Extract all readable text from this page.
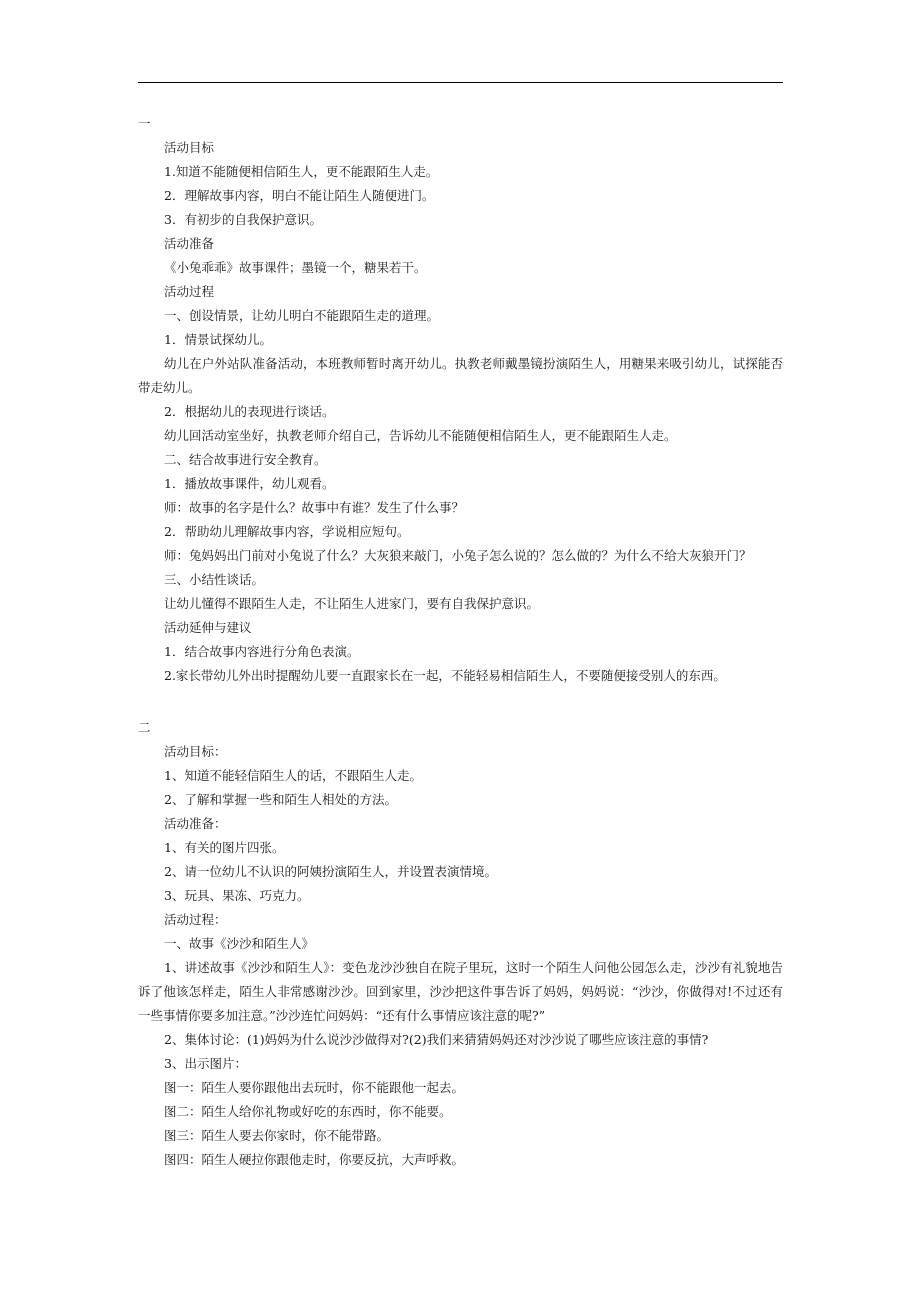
一
活动目标
1.知道不能随便相信陌生人，更不能跟陌生人走。
2．理解故事内容，明白不能让陌生人随便进门。
3．有初步的自我保护意识。
活动准备
《小兔乖乖》故事课件；墨镜一个，糖果若干。
活动过程
一、创设情景，让幼儿明白不能跟陌生走的道理。
1．情景试探幼儿。
幼儿在户外站队准备活动，本班教师暂时离开幼儿。执教老师戴墨镜扮演陌生人，用糖果来吸引幼儿，试探能否带走幼儿。
2．根据幼儿的表现进行谈话。
幼儿回活动室坐好，执教老师介绍自己，告诉幼儿不能随便相信陌生人，更不能跟陌生人走。
二、结合故事进行安全教育。
1．播放故事课件，幼儿观看。
师：故事的名字是什么？故事中有谁？发生了什么事？
2．帮助幼儿理解故事内容，学说相应短句。
师：兔妈妈出门前对小兔说了什么？大灰狼来敲门，小兔子怎么说的？怎么做的？为什么不给大灰狼开门？
三、小结性谈话。
让幼儿懂得不跟陌生人走，不让陌生人进家门，要有自我保护意识。
活动延伸与建议
1．结合故事内容进行分角色表演。
2.家长带幼儿外出时提醒幼儿要一直跟家长在一起，不能轻易相信陌生人，不要随便接受别人的东西。
二
活动目标：
1、知道不能轻信陌生人的话，不跟陌生人走。
2、了解和掌握一些和陌生人相处的方法。
活动准备：
1、有关的图片四张。
2、请一位幼儿不认识的阿姨扮演陌生人，并设置表演情境。
3、玩具、果冻、巧克力。
活动过程：
一、故事《沙沙和陌生人》
1、讲述故事《沙沙和陌生人》：变色龙沙沙独自在院子里玩，这时一个陌生人问他公园怎么走，沙沙有礼貌地告诉了他该怎样走，陌生人非常感谢沙沙。回到家里，沙沙把这件事告诉了妈妈，妈妈说：“沙沙，你做得对!不过还有一些事情你要多加注意。”沙沙连忙问妈妈：“还有什么事情应该注意的呢?”
2、集体讨论：(1)妈妈为什么说沙沙做得对?(2)我们来猜猜妈妈还对沙沙说了哪些应该注意的事情?
3、出示图片：
图一：陌生人要你跟他出去玩时，你不能跟他一起去。
图二：陌生人给你礼物或好吃的东西时，你不能要。
图三：陌生人要去你家时，你不能带路。
图四：陌生人硬拉你跟他走时，你要反抗，大声呼救。
